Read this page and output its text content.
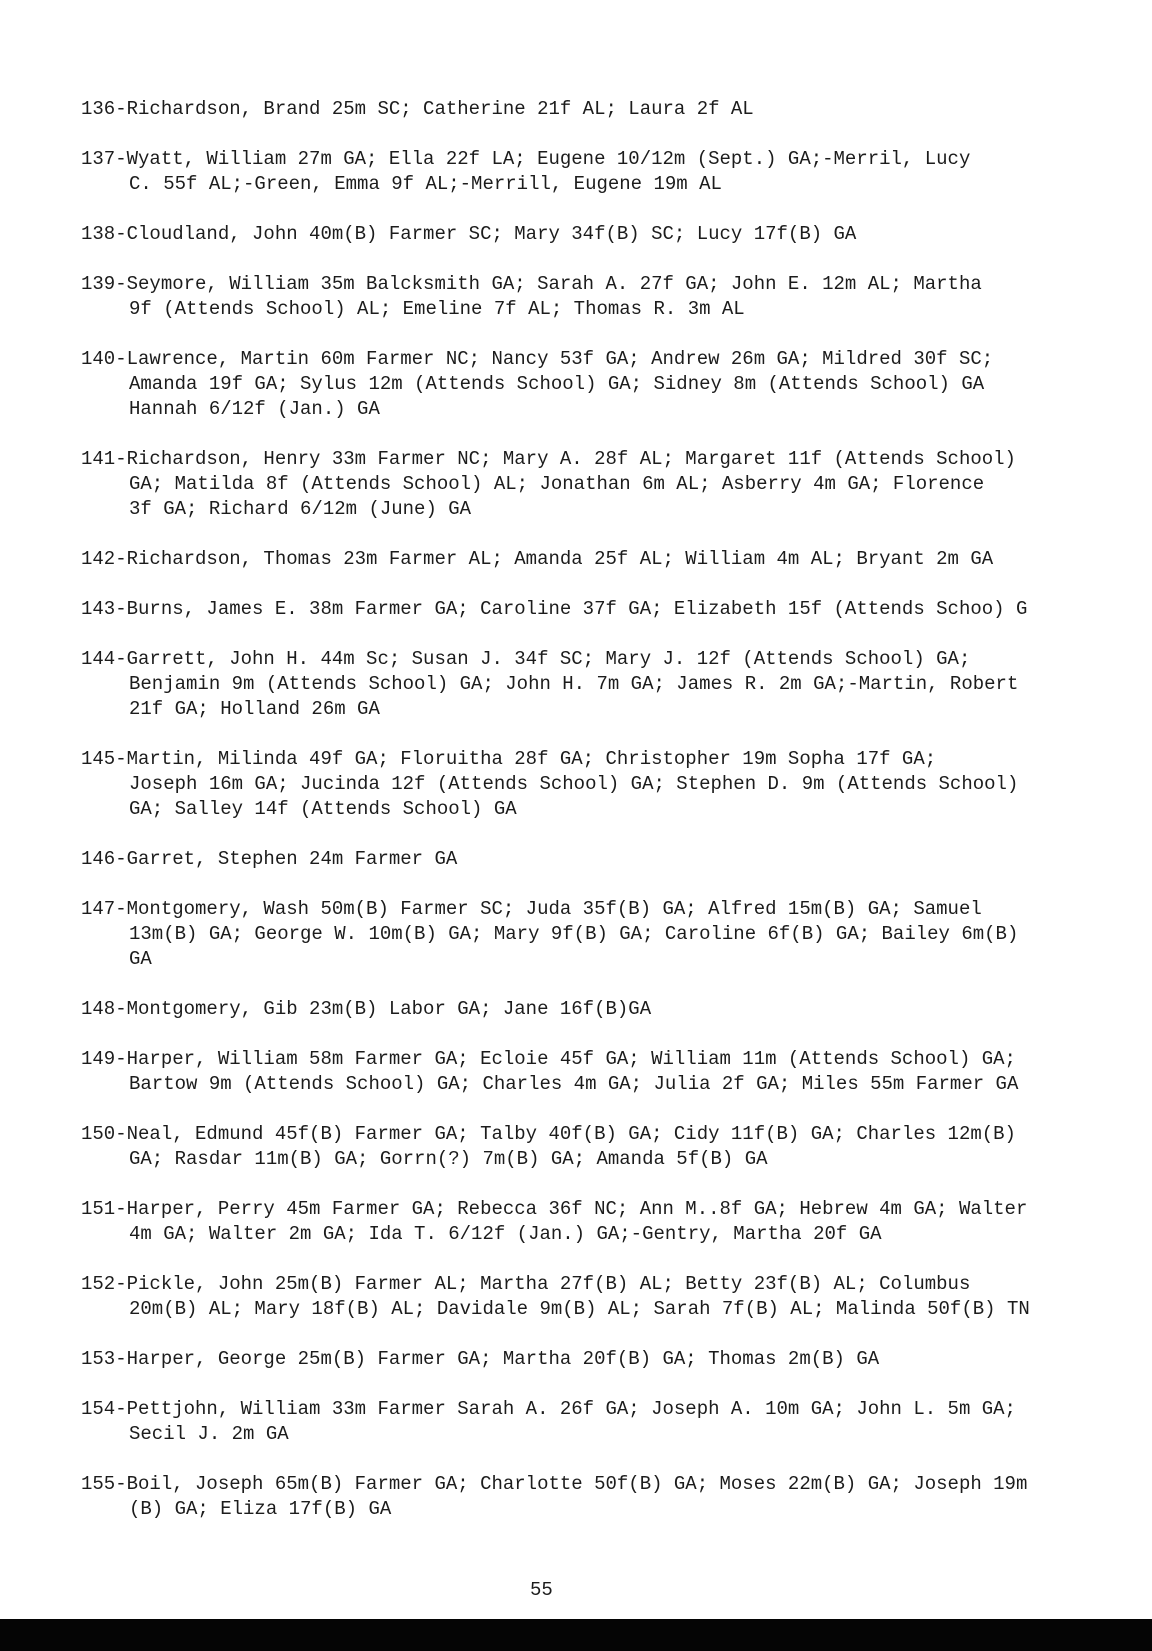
136-Richardson, Brand 25m SC; Catherine 21f AL; Laura 2f AL
137-Wyatt, William 27m GA; Ella 22f LA; Eugene 10/12m (Sept.) GA;-Merril, Lucy
C. 55f AL;-Green, Emma 9f AL;-Merrill, Eugene 19m AL
138-Cloudland, John 40m(B) Farmer SC; Mary 34f(B) SC; Lucy 17f(B) GA
139-Seymore, William 35m Balcksmith GA; Sarah A. 27f GA; John E. 12m AL; Martha
9f (Attends School) AL; Emeline 7f AL; Thomas R. 3m AL
140-Lawrence, Martin 60m Farmer NC; Nancy 53f GA; Andrew 26m GA; Mildred 30f SC;
Amanda 19f GA; Sylus 12m (Attends School) GA; Sidney 8m (Attends School) GA
Hannah 6/12f (Jan.) GA
141-Richardson, Henry 33m Farmer NC; Mary A. 28f AL; Margaret 11f (Attends School)
GA; Matilda 8f (Attends School) AL; Jonathan 6m AL; Asberry 4m GA; Florence
3f GA; Richard 6/12m (June) GA
142-Richardson, Thomas 23m Farmer AL; Amanda 25f AL; William 4m AL; Bryant 2m GA
143-Burns, James E. 38m Farmer GA; Caroline 37f GA; Elizabeth 15f (Attends Schoo) G
144-Garrett, John H. 44m Sc; Susan J. 34f SC; Mary J. 12f (Attends School) GA;
Benjamin 9m (Attends School) GA; John H. 7m GA; James R. 2m GA;-Martin, Robert
21f GA; Holland 26m GA
145-Martin, Milinda 49f GA; Floruitha 28f GA; Christopher 19m Sopha 17f GA;
Joseph 16m GA; Jucinda 12f (Attends School) GA; Stephen D. 9m (Attends School)
GA; Salley 14f (Attends School) GA
146-Garret, Stephen 24m Farmer GA
147-Montgomery, Wash 50m(B) Farmer SC; Juda 35f(B) GA; Alfred 15m(B) GA; Samuel
13m(B) GA; George W. 10m(B) GA; Mary 9f(B) GA; Caroline 6f(B) GA; Bailey 6m(B)
GA
148-Montgomery, Gib 23m(B) Labor GA; Jane 16f(B)GA
149-Harper, William 58m Farmer GA; Ecloie 45f GA; William 11m (Attends School) GA;
Bartow 9m (Attends School) GA; Charles 4m GA; Julia 2f GA; Miles 55m Farmer GA
150-Neal, Edmund 45f(B) Farmer GA; Talby 40f(B) GA; Cidy 11f(B) GA; Charles 12m(B)
GA; Rasdar 11m(B) GA; Gorrn(?) 7m(B) GA; Amanda 5f(B) GA
151-Harper, Perry 45m Farmer GA; Rebecca 36f NC; Ann M..8f GA; Hebrew 4m GA; Walter
4m GA; Walter 2m GA; Ida T. 6/12f (Jan.) GA;-Gentry, Martha 20f GA
152-Pickle, John 25m(B) Farmer AL; Martha 27f(B) AL; Betty 23f(B) AL; Columbus
20m(B) AL; Mary 18f(B) AL; Davidale 9m(B) AL; Sarah 7f(B) AL; Malinda 50f(B) TN
153-Harper, George 25m(B) Farmer GA; Martha 20f(B) GA; Thomas 2m(B) GA
154-Pettjohn, William 33m Farmer Sarah A. 26f GA; Joseph A. 10m GA; John L. 5m GA;
Secil J. 2m GA
155-Boil, Joseph 65m(B) Farmer GA; Charlotte 50f(B) GA; Moses 22m(B) GA; Joseph 19m
(B) GA; Eliza 17f(B) GA
55
